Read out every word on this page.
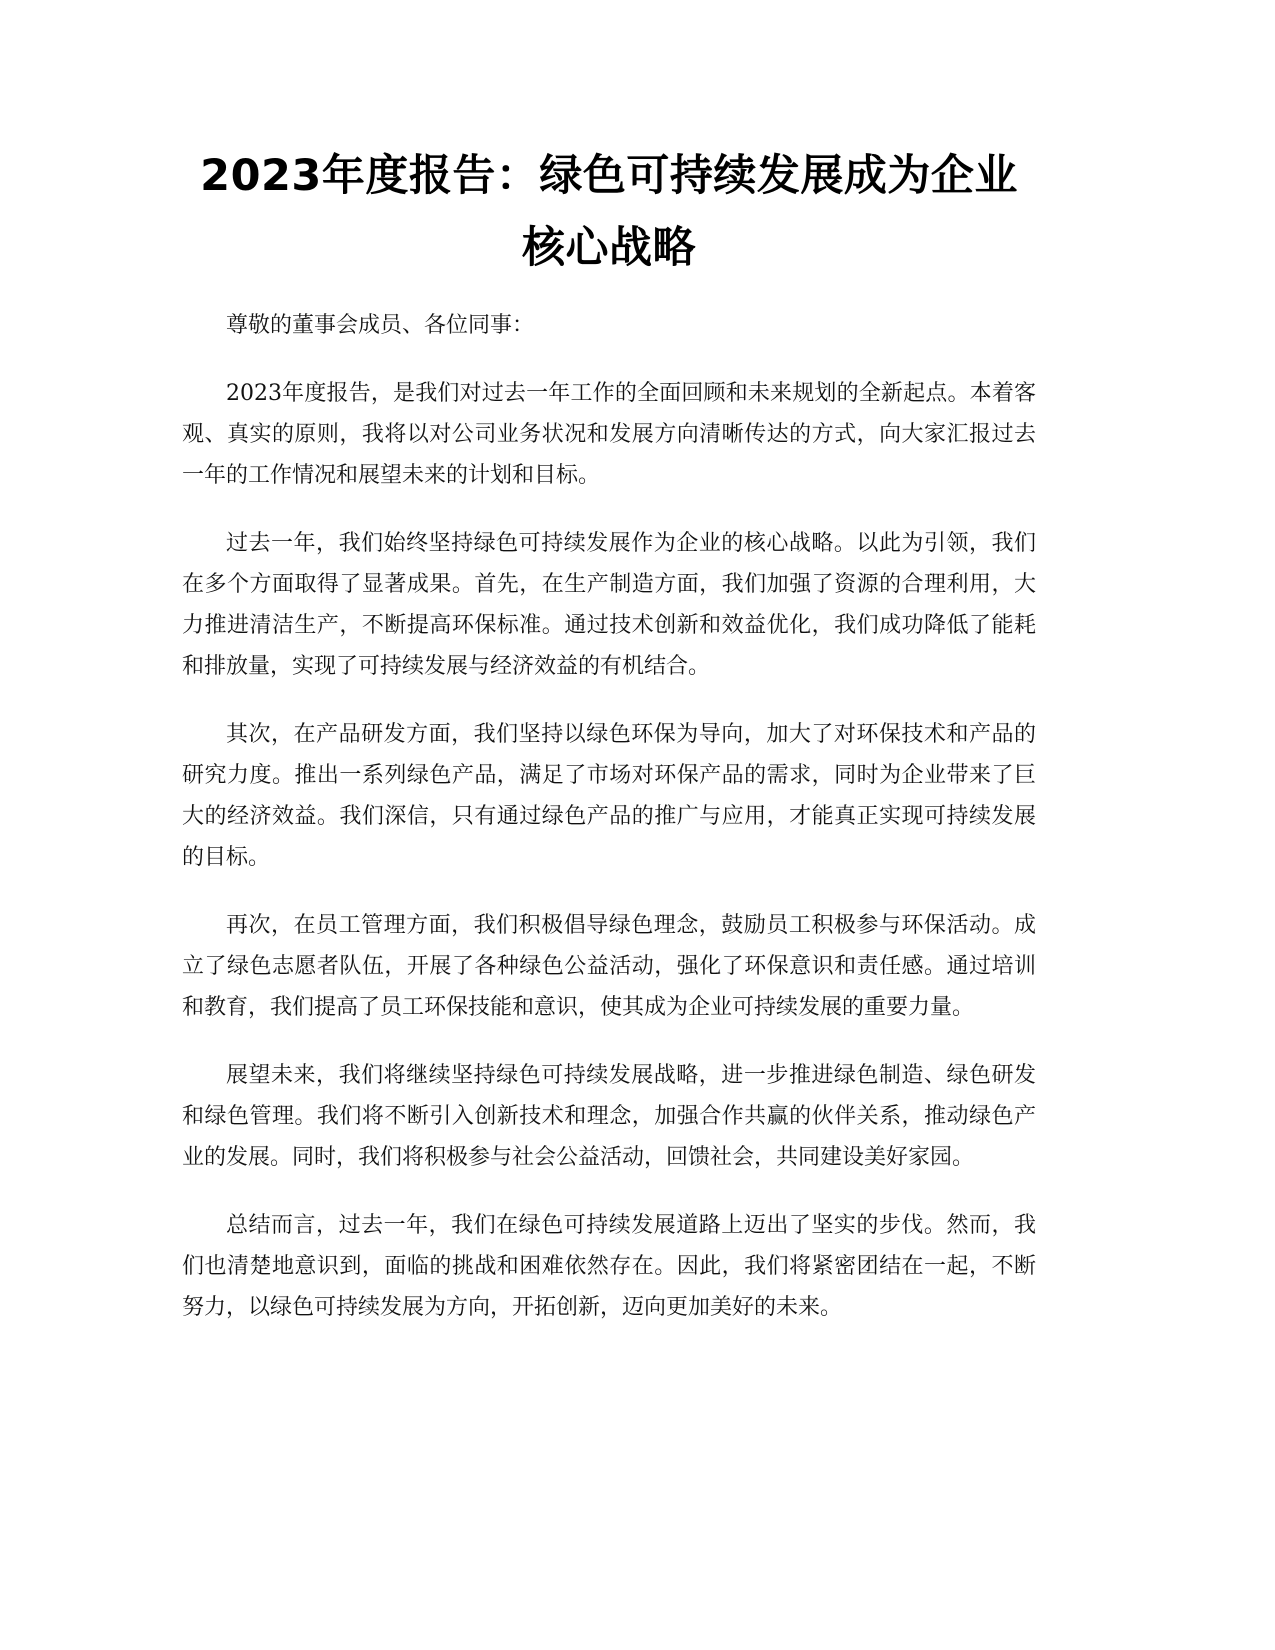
2023年度报告：绿色可持续发展成为企业核心战略

尊敬的董事会成员、各位同事：

2023年度报告，是我们对过去一年工作的全面回顾和未来规划的全新起点。本着客观、真实的原则，我将以对公司业务状况和发展方向清晰传达的方式，向大家汇报过去一年的工作情况和展望未来的计划和目标。

过去一年，我们始终坚持绿色可持续发展作为企业的核心战略。以此为引领，我们在多个方面取得了显著成果。首先，在生产制造方面，我们加强了资源的合理利用，大力推进清洁生产，不断提高环保标准。通过技术创新和效益优化，我们成功降低了能耗和排放量，实现了可持续发展与经济效益的有机结合。

其次，在产品研发方面，我们坚持以绿色环保为导向，加大了对环保技术和产品的研究力度。推出一系列绿色产品，满足了市场对环保产品的需求，同时为企业带来了巨大的经济效益。我们深信，只有通过绿色产品的推广与应用，才能真正实现可持续发展的目标。

再次，在员工管理方面，我们积极倡导绿色理念，鼓励员工积极参与环保活动。成立了绿色志愿者队伍，开展了各种绿色公益活动，强化了环保意识和责任感。通过培训和教育，我们提高了员工环保技能和意识，使其成为企业可持续发展的重要力量。

展望未来，我们将继续坚持绿色可持续发展战略，进一步推进绿色制造、绿色研发和绿色管理。我们将不断引入创新技术和理念，加强合作共赢的伙伴关系，推动绿色产业的发展。同时，我们将积极参与社会公益活动，回馈社会，共同建设美好家园。

总结而言，过去一年，我们在绿色可持续发展道路上迈出了坚实的步伐。然而，我们也清楚地意识到，面临的挑战和困难依然存在。因此，我们将紧密团结在一起，不断努力，以绿色可持续发展为方向，开拓创新，迈向更加美好的未来。
